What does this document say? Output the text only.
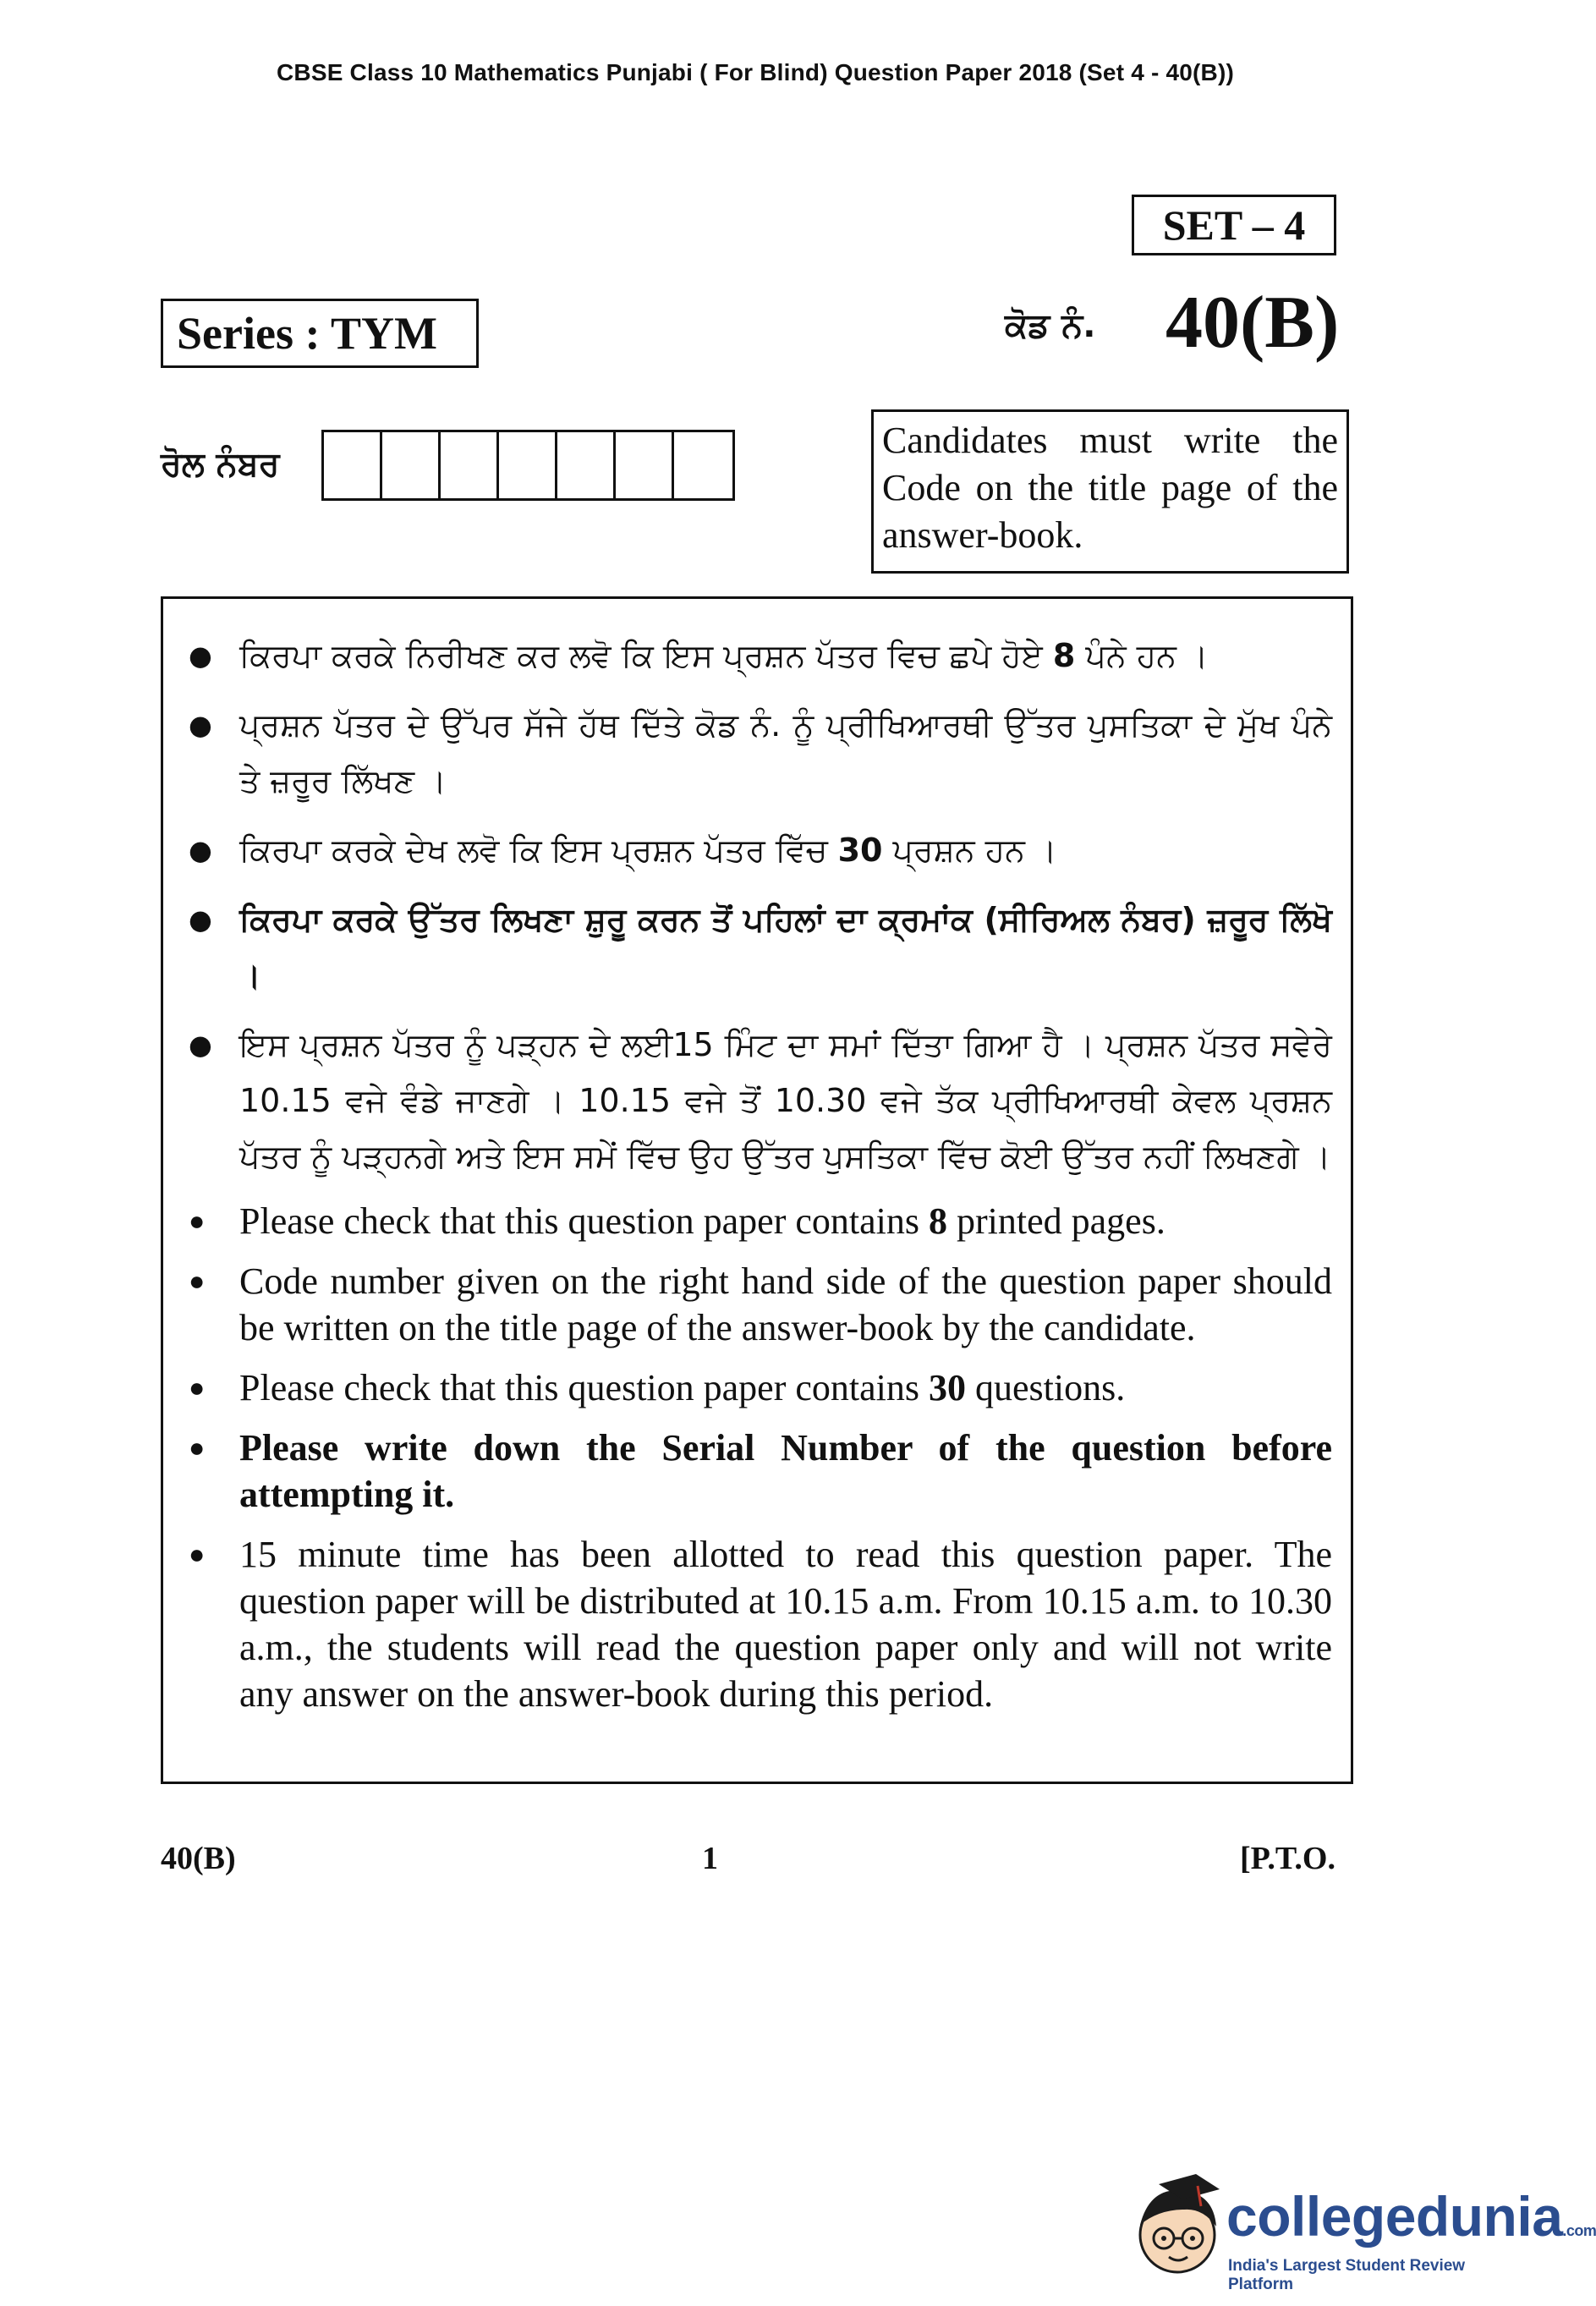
CBSE Class 10 Mathematics Punjabi ( For Blind) Question Paper 2018 (Set 4 - 40(B))
SET – 4
Series : TYM	ਕੋਡ ਨੰ. 40(B)
ਰੋਲ ਨੰਬਰ
Candidates must write the Code on the title page of the answer-book.
● ਕਿਰਪਾ ਕਰਕੇ ਨਿਰੀਖਣ ਕਰ ਲਵੋ ਕਿ ਇਸ ਪ੍ਰਸ਼ਨ ਪੱਤਰ ਵਿਚ ਛਪੇ ਹੋਏ 8 ਪੰਨੇ ਹਨ ।
● ਪ੍ਰਸ਼ਨ ਪੱਤਰ ਦੇ ਉੱਪਰ ਸੱਜੇ ਹੱਥ ਦਿੱਤੇ ਕੋਡ ਨੰ. ਨੂੰ ਪ੍ਰੀਖਿਆਰਥੀ ਉੱਤਰ ਪੁਸਤਿਕਾ ਦੇ ਮੁੱਖ ਪੰਨੇ ਤੇ ਜ਼ਰੂਰ ਲਿੱਖਣ ।
● ਕਿਰਪਾ ਕਰਕੇ ਦੇਖ ਲਵੋ ਕਿ ਇਸ ਪ੍ਰਸ਼ਨ ਪੱਤਰ ਵਿੱਚ 30 ਪ੍ਰਸ਼ਨ ਹਨ ।
● ਕਿਰਪਾ ਕਰਕੇ ਉੱਤਰ ਲਿਖਣਾ ਸ਼ੁਰੂ ਕਰਨ ਤੋਂ ਪਹਿਲਾਂ ਦਾ ਕ੍ਰਮਾਂਕ (ਸੀਰਿਅਲ ਨੰਬਰ) ਜ਼ਰੂਰ ਲਿੱਖੋ ।
● ਇਸ ਪ੍ਰਸ਼ਨ ਪੱਤਰ ਨੂੰ ਪੜ੍ਹਨ ਦੇ ਲਈ15 ਮਿੰਟ ਦਾ ਸਮਾਂ ਦਿੱਤਾ ਗਿਆ ਹੈ । ਪ੍ਰਸ਼ਨ ਪੱਤਰ ਸਵੇਰੇ 10.15 ਵਜੇ ਵੰਡੇ ਜਾਣਗੇ । 10.15 ਵਜੇ ਤੋਂ 10.30 ਵਜੇ ਤੱਕ ਪ੍ਰੀਖਿਆਰਥੀ ਕੇਵਲ ਪ੍ਰਸ਼ਨ ਪੱਤਰ ਨੂੰ ਪੜ੍ਹਨਗੇ ਅਤੇ ਇਸ ਸਮੇਂ ਵਿੱਚ ਉਹ ਉੱਤਰ ਪੁਸਤਿਕਾ ਵਿੱਚ ਕੋਈ ਉੱਤਰ ਨਹੀਂ ਲਿਖਣਗੇ ।
● Please check that this question paper contains 8 printed pages.
● Code number given on the right hand side of the question paper should be written on the title page of the answer-book by the candidate.
● Please check that this question paper contains 30 questions.
● Please write down the Serial Number of the question before attempting it.
● 15 minute time has been allotted to read this question paper. The question paper will be distributed at 10.15 a.m. From 10.15 a.m. to 10.30 a.m., the students will read the question paper only and will not write any answer on the answer-book during this period.
40(B)	1	[P.T.O.
collegedunia.com
India's Largest Student Review Platform
